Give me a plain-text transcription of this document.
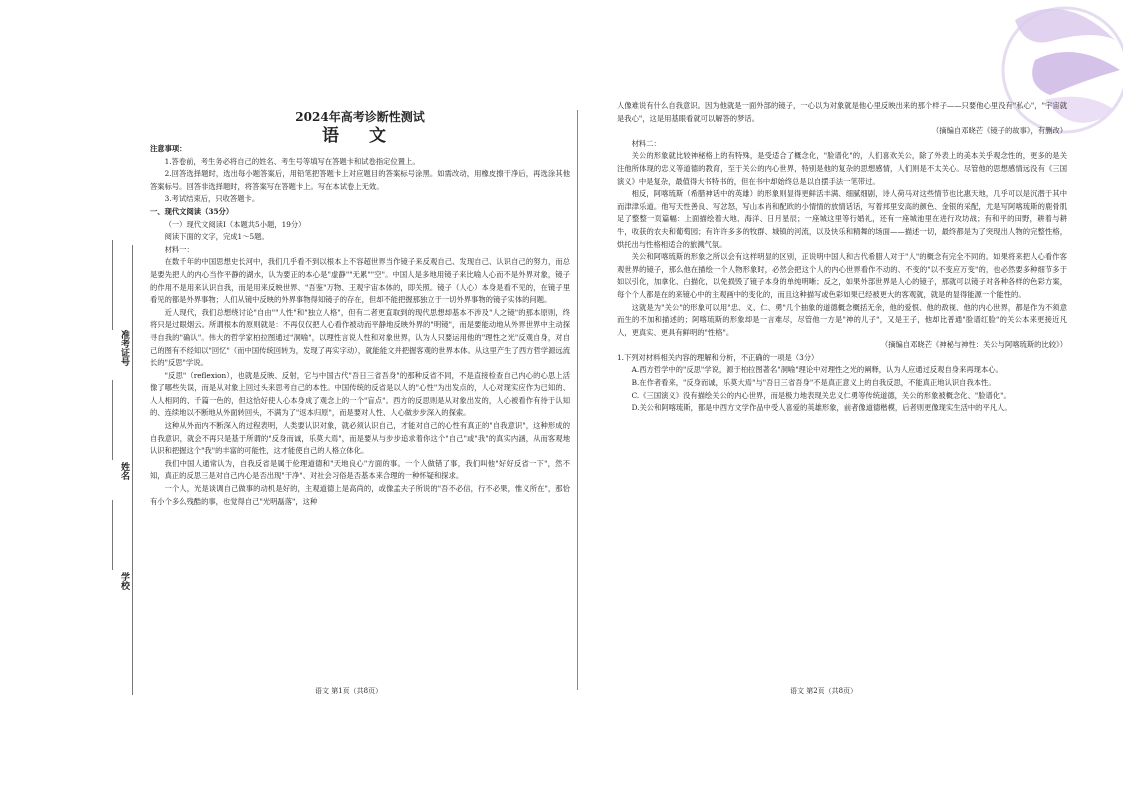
准考证号
姓名
学校
2024年高考诊断性测试
语 文

注意事项：

1.答卷前，考生务必将自己的姓名、考生号等填写在答题卡和试卷指定位置上。

2.回答选择题时，选出每小题答案后，用铅笔把答题卡上对应题目的答案标号涂黑。如需改动，用橡皮擦干净后，再选涂其他答案标号。回答非选择题时，将答案写在答题卡上。写在本试卷上无效。

3.考试结束后，只收答题卡。

一、现代文阅读（35分）

（一）现代文阅读Ⅰ（本题共5小题，19分）

阅读下面的文字，完成1～5题。

材料一：

在数千年的中国思想史长河中，我们几乎看不到以根本上不容超世界当作镜子来反观自己、发现自己、认识自己的努力，而总是要先把人的内心当作平静的湖水，认为要正的本心是"虚静""无累""空"。中国人是多地用镜子来比喻人心而不是外界对象，镜子的作用不是用来认识自我，而是用来反映世界、"吾鉴"万物、王观宇宙本体的，即关照。镜子（人心）本身是看不见的，在镜子里看见的都是外界事物；人们从镜中反映的外界事物得知镜子的存在，但却不能把握那独立于一切外界事物的镜子实体的问题。

近人现代，我们总想绕讨论"自由""人性"和"独立人格"，但有二者更直取到的现代思想却基本不涉及"人之镜"的那本原则，终将只是过眼烟云。所谓根本的原则就是：不再仅仅把人心看作被动而平静地反映外界的"明镜"，而是要能动地从外界世界中主动探寻自我的"确认"。伟大的哲学家柏拉图通过"洞喻"，以理性言说人性和对象世界，认为人只要运用他的"理性之光"反观自身，对自己的图有不经知以"回忆"（而中国传统回转为，发现了再实字动），就能能文并把握客观的世界本体。从这里产生了西方哲学源远流长的"反思"学说。

"反思"（reflexion），也就是反映、反射，它与中国古代"吾日三省吾身"的那种反省不同，不是直接检查自己内心的心思上活像了哪些失误，而是从对象上回过头来思考自己的本性。中国传统的反省是以人的"心性"为出发点的，人心对现实应作为已知的、人人相同的、千篇一色的，但这恰好使人心本身成了观念上的一个"盲点"。西方的反思则是从对象出发的，人心被看作有待于认知的、连续地以不断地从外面转回头，不满为了"返本归原"，而是要对人性、人心做步步深入的探索。

这种从外而内不断深入的过程表明，人类要认识对象，就必须认识自己，才能对自己的心性有真正的"自我意识"，这种形成的自我意识，就会不再只是基于所谓的"反身而诚，乐莫大焉"，而是要从与步步追求着你这个"自己"或"我"的真实内涵，从而客观地认识和把握这个"我"的丰富的可能性，这才能使自己的人格立体化。

我们中国人通常认为，自我反省是属于伦理道德和"天地良心"方面的事。一个人做错了事，我们叫他"好好反省一下"，然不知，真正的反思三是对自己内心是否出现"干净"、对社会习俗是否基本来合理的一种怀疑和探求。

一个人，光是谈调自己做事的动机是好的，主观道德上是高尚的，或像孟夫子所说的"吾不必信，行不必果，惟义所在"，那恰有小个多么残酷的事，也觉得自己"光明磊落"，这种

人像难说有什么自我意识。因为他就是一面外部的镜子，一心以为对象就是他心里反映出来的那个样子——只要他心里没有"私心"，"宇宙就是我心"，这是用基眼看就可以解答的梦话。

（摘编自邓晓芒《镜子的故事》，有删改）

材料二：

关公的形象就比较神秘格上的有特殊，是受适合了概念化，"脸谱化"的，人们喜欢关公，除了外表上的美本关乎观念性的，更多的是关注他所体现的忠义等道德的教育，至于关公的内心世界，特别是他的复杂的思想感情，人们则是不太关心。尽管他的思想感情远没有《三国演义》中是复杂，最值得大书特书的，但在书中却始终总是以自摆手法一笔带过。

相反，阿喀琉斯（希腊神话中的英雄）的形象则显得更鲜活丰满、细腻细剧，诗人荷马对这些情节也比惠天地，几乎可以是沉潜于其中而津津乐道。他写天性善良、写忿怒，写山本肖和配欧的小情情的放情话话，写着邦里安高的颜色、金银的采配，尤是写阿喀琉斯的鹿骨肌足了整整一页篇幅：上面描绘着大地、海洋、日月星辰；一座城这里等行婚礼，还有一座城池里在进行攻坊战；有和平的田野，耕着与耕牛，收获的农夫和葡萄园；有许许多多的牧群、城镇的河流，以及快乐和精舞的场面——描述一切，最终都是为了突现出人物的完整性格，烘托出与性格相适合的旅溅气氛。

关公和阿喀琉斯的形象之所以会有这样明显的区别，正说明中国人和古代希腊人对于"人"的概念有完全不同的。如果将来把人心看作客观世界的镜子，那么他在描绘一个人物形象时，必然会把这个人的内心世界看作不动的、不变的"以不变应万变"的，也必然要多种细节多于如以引化，加拿化、白描化，以免损毁了镜子本身的单纯明晰；反之，如果外部世界是人心的镜子，那就可以镜子对各种各样的色彩方案，每个个人都是在的来镜心中的主观画中的变化的，而且这种描写或色彩如果已经被更大的客观就，就是的显得能源一个能性的。

这就是为"关公"的形象可以用"忠、义、仁、勇"几个抽象的道德概念概括无余，他的爱恨、他的敌视、他的内心世界，都是作为不须意而生的不加和描述的；阿喀琉斯的形象却是一言难尽，尽管他一方是"神的儿子"，又是王子，他却比普通"脸谱红脸"的关公本来更接近凡人，更真实、更具有鲜明的"性格"。

（摘编自邓晓芒《神秘与神性：关公与阿喀琉斯的比较》）

1.下列对材料相关内容的理解和分析，不正确的一项是（3分）

A.西方哲学中的"反思"学说，源于柏拉图著名"洞喻"理论中对理性之光的阐释，认为人应通过反观自身来再现本心。

B.在作者看来，"反身而诚，乐莫大焉"与"吾日三省吾身"不是真正意义上的自我反思，不能真正地认识自我本性。

C.《三国演义》没有描绘关公的内心世界，而是极力地表现关忠义仁勇等传统道德，关公的形象被概念化、"脸谱化"。

D.关公和阿喀琉斯，都是中西方文学作品中受人喜爱的英雄形象，前者像道德楷模，后者则更像现实生活中的平凡人。

语文 第1页（共8页）	语文 第2页（共8页）
